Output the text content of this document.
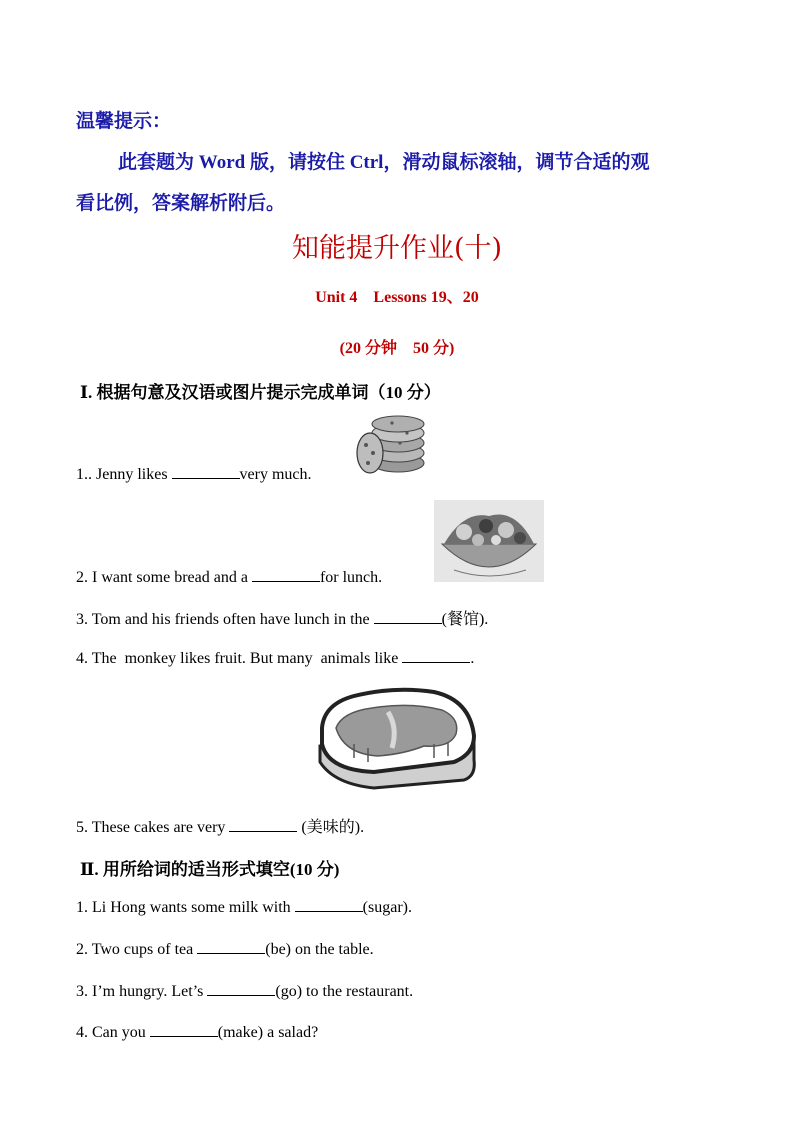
温馨提示：

此套题为 Word 版，请按住 Ctrl，滑动鼠标滚轴，调节合适的观

看比例，答案解析附后。

知能提升作业(十)

Unit 4    Lessons 19、20

(20 分钟    50 分)

Ⅰ. 根据句意及汉语或图片提示完成单词（10 分）

1.. Jenny likes	very much.

2. I want some bread and a	for lunch.

3. Tom and his friends often have lunch in the	(餐馆).

4. The  monkey likes fruit. But many  animals like	.

5. These cakes are very	(美味的).

Ⅱ. 用所给词的适当形式填空(10 分)

1. Li Hong wants some milk with	(sugar).

2. Two cups of tea	(be) on the table.

3. I’m hungry. Let’s	(go) to the restaurant.

4. Can you	(make) a salad?
